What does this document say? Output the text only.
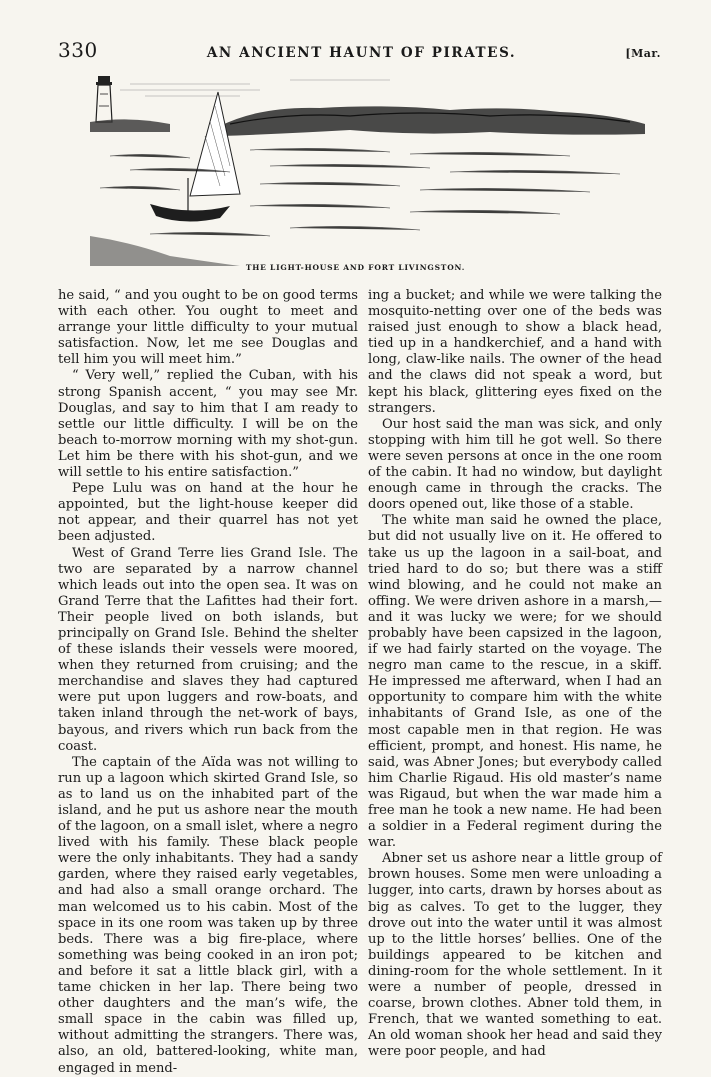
330	AN ANCIENT HAUNT OF PIRATES.	[Mar.
THE LIGHT-HOUSE AND FORT LIVINGSTON.

he said, “ and you ought to be on good terms with each other. You ought to meet and arrange your little difficulty to your mutual satisfaction. Now, let me see Douglas and tell him you will meet him.”

“ Very well,” replied the Cuban, with his strong Spanish accent, “ you may see Mr. Douglas, and say to him that I am ready to settle our little difficulty. I will be on the beach to-morrow morning with my shot-gun. Let him be there with his shot-gun, and we will settle to his entire satisfaction.”

Pepe Lulu was on hand at the hour he appointed, but the light-house keeper did not appear, and their quarrel has not yet been adjusted.

West of Grand Terre lies Grand Isle. The two are separated by a narrow channel which leads out into the open sea. It was on Grand Terre that the Lafittes had their fort. Their people lived on both islands, but principally on Grand Isle. Behind the shelter of these islands their vessels were moored, when they returned from cruising; and the merchandise and slaves they had captured were put upon luggers and row-boats, and taken inland through the net-work of bays, bayous, and rivers which run back from the coast.

The captain of the Aïda was not willing to run up a lagoon which skirted Grand Isle, so as to land us on the inhabited part of the island, and he put us ashore near the mouth of the lagoon, on a small islet, where a negro lived with his family. These black people were the only inhabitants. They had a sandy garden, where they raised early vegetables, and had also a small orange orchard. The man welcomed us to his cabin. Most of the space in its one room was taken up by three beds. There was a big fire-place, where something was being cooked in an iron pot; and before it sat a little black girl, with a tame chicken in her lap. There being two other daughters and the man’s wife, the small space in the cabin was filled up, without admitting the strangers. There was, also, an old, battered-looking, white man, engaged in mend-

ing a bucket; and while we were talking the mosquito-netting over one of the beds was raised just enough to show a black head, tied up in a handkerchief, and a hand with long, claw-like nails. The owner of the head and the claws did not speak a word, but kept his black, glittering eyes fixed on the strangers.

Our host said the man was sick, and only stopping with him till he got well. So there were seven persons at once in the one room of the cabin. It had no window, but daylight enough came in through the cracks. The doors opened out, like those of a stable.

The white man said he owned the place, but did not usually live on it. He offered to take us up the lagoon in a sail-boat, and tried hard to do so; but there was a stiff wind blowing, and he could not make an offing. We were driven ashore in a marsh,—and it was lucky we were; for we should probably have been capsized in the lagoon, if we had fairly started on the voyage. The negro man came to the rescue, in a skiff. He impressed me afterward, when I had an opportunity to compare him with the white inhabitants of Grand Isle, as one of the most capable men in that region. He was efficient, prompt, and honest. His name, he said, was Abner Jones; but everybody called him Charlie Rigaud. His old master’s name was Rigaud, but when the war made him a free man he took a new name. He had been a soldier in a Federal regiment during the war.

Abner set us ashore near a little group of brown houses. Some men were unloading a lugger, into carts, drawn by horses about as big as calves. To get to the lugger, they drove out into the water until it was almost up to the little horses’ bellies. One of the buildings appeared to be kitchen and dining-room for the whole settlement. In it were a number of people, dressed in coarse, brown clothes. Abner told them, in French, that we wanted something to eat. An old woman shook her head and said they were poor people, and had
